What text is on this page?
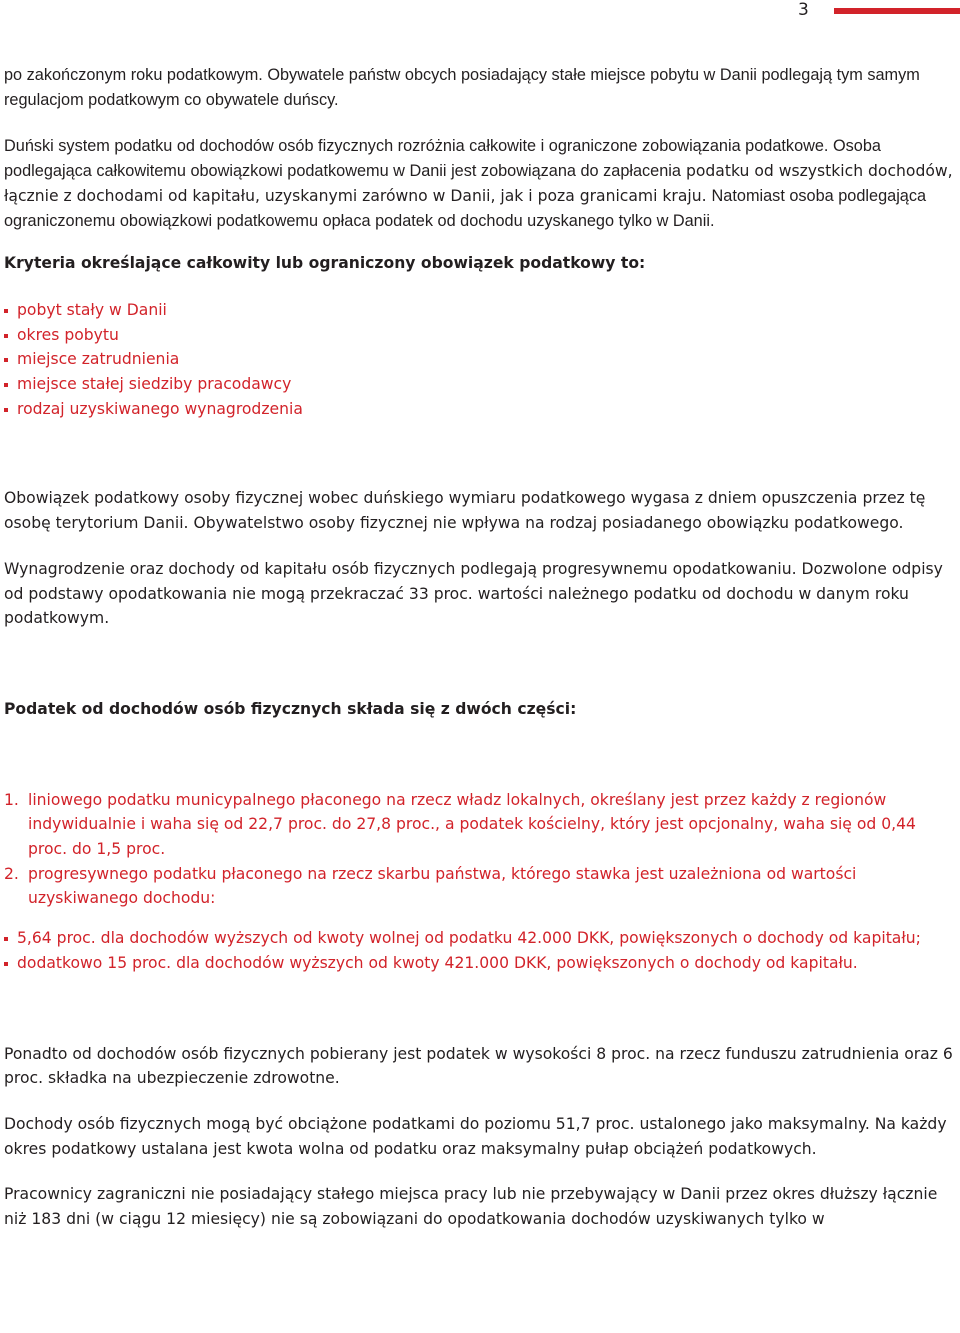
3

po zakończonym roku podatkowym. Obywatele państw obcych posiadający stałe miejsce pobytu w Danii podlegają tym samym regulacjom podatkowym co obywatele duńscy.

Duński system podatku od dochodów osób fizycznych rozróżnia całkowite i ograniczone zobowiązania podatkowe. Osoba podlegająca całkowitemu obowiązkowi podatkowemu w Danii jest zobowiązana do zapłacenia podatku od wszystkich dochodów, łącznie z dochodami od kapitału, uzyskanymi zarówno w Danii, jak i poza granicami kraju. Natomiast osoba podlegająca ograniczonemu obowiązkowi podatkowemu opłaca podatek od dochodu uzyskanego tylko w Danii.

Kryteria określające całkowity lub ograniczony obowiązek podatkowy to:

pobyt stały w Danii
okres pobytu
miejsce zatrudnienia
miejsce stałej siedziby pracodawcy
rodzaj uzyskiwanego wynagrodzenia

Obowiązek podatkowy osoby fizycznej wobec duńskiego wymiaru podatkowego wygasa z dniem opuszczenia przez tę osobę terytorium Danii. Obywatelstwo osoby fizycznej nie wpływa na rodzaj posiadanego obowiązku podatkowego.

Wynagrodzenie oraz dochody od kapitału osób fizycznych podlegają progresywnemu opodatkowaniu. Dozwolone odpisy od podstawy opodatkowania nie mogą przekraczać 33 proc. wartości należnego podatku od dochodu w danym roku podatkowym.

Podatek od dochodów osób fizycznych składa się z dwóch części:

1. liniowego podatku municypalnego płaconego na rzecz władz lokalnych, określany jest przez każdy z regionów indywidualnie i waha się od 22,7 proc. do 27,8 proc., a podatek kościelny, który jest opcjonalny, waha się od 0,44 proc. do 1,5 proc.
2. progresywnego podatku płaconego na rzecz skarbu państwa, którego stawka jest uzależniona od wartości uzyskiwanego dochodu:
5,64 proc. dla dochodów wyższych od kwoty wolnej od podatku 42.000 DKK, powiększonych o dochody od kapitału;
dodatkowo 15 proc. dla dochodów wyższych od kwoty 421.000 DKK, powiększonych o dochody od kapitału.

Ponadto od dochodów osób fizycznych pobierany jest podatek w wysokości 8 proc. na rzecz funduszu zatrudnienia oraz 6 proc. składka na ubezpieczenie zdrowotne.

Dochody osób fizycznych mogą być obciążone podatkami do poziomu 51,7 proc. ustalonego jako maksymalny. Na każdy okres podatkowy ustalana jest kwota wolna od podatku oraz maksymalny pułap obciążeń podatkowych.

Pracownicy zagraniczni nie posiadający stałego miejsca pracy lub nie przebywający w Danii przez okres dłuższy łącznie niż 183 dni (w ciągu 12 miesięcy) nie są zobowiązani do opodatkowania dochodów uzyskiwanych tylko w
